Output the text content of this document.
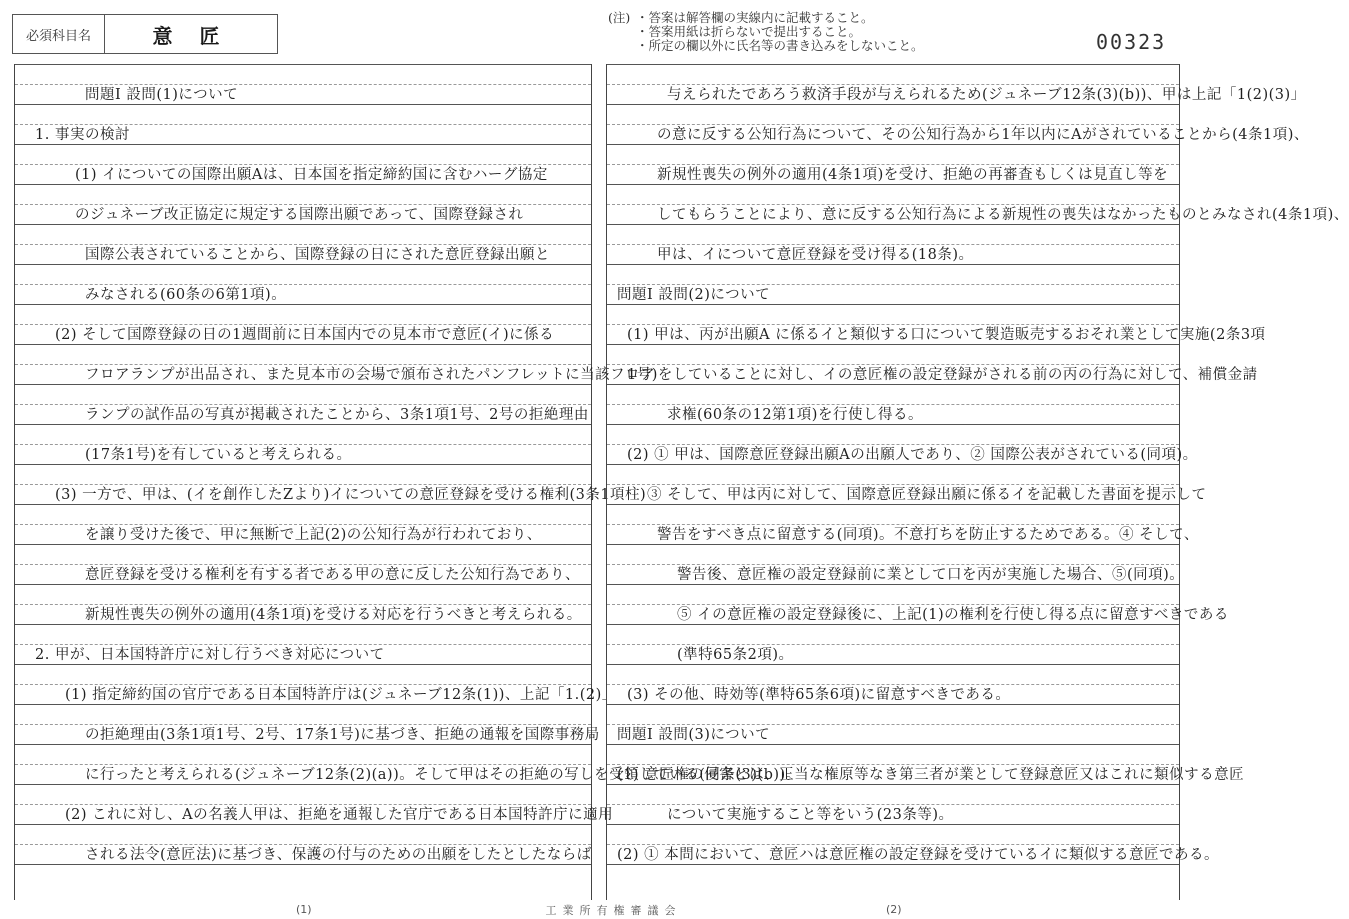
必須科目名	意 匠
(注) ・答案は解答欄の実線内に記載すること。
・答案用紙は折らないで提出すること。
・所定の欄以外に氏名等の書き込みをしないこと。	00323
問題Ⅰ 設問(1)について
1. 事実の検討
(1) イについての国際出願Aは、日本国を指定締約国に含むハーグ協定
のジュネーブ改正協定に規定する国際出願であって、国際登録され
国際公表されていることから、国際登録の日にされた意匠登録出願と
みなされる(60条の6第1項)。
(2) そして国際登録の日の1週間前に日本国内での見本市で意匠(イ)に係る
フロアランプが出品され、また見本市の会場で頒布されたパンフレットに当該フロア
ランプの試作品の写真が掲載されたことから、3条1項1号、2号の拒絶理由
(17条1号)を有していると考えられる。
(3) 一方で、甲は、(イを創作したZより)イについての意匠登録を受ける権利(3条1項柱)
を譲り受けた後で、甲に無断で上記(2)の公知行為が行われており、
意匠登録を受ける権利を有する者である甲の意に反した公知行為であり、
新規性喪失の例外の適用(4条1項)を受ける対応を行うべきと考えられる。
2. 甲が、日本国特許庁に対し行うべき対応について
(1) 指定締約国の官庁である日本国特許庁は(ジュネーブ12条(1))、上記「1.(2)」
の拒絶理由(3条1項1号、2号、17条1号)に基づき、拒絶の通報を国際事務局
に行ったと考えられる(ジュネーブ12条(2)(a))。そして甲はその拒絶の写しを受領している(同条(3)(b))。
(2) これに対し、Aの名義人甲は、拒絶を通報した官庁である日本国特許庁に適用
される法令(意匠法)に基づき、保護の付与のための出願をしたとしたならば
与えられたであろう救済手段が与えられるため(ジュネーブ12条(3)(b))、甲は上記「1(2)(3)」
の意に反する公知行為について、その公知行為から1年以内にAがされていることから(4条1項)、
新規性喪失の例外の適用(4条1項)を受け、拒絶の再審査もしくは見直し等を
してもらうことにより、意に反する公知行為による新規性の喪失はなかったものとみなされ(4条1項)、
甲は、イについて意匠登録を受け得る(18条)。
問題Ⅰ 設問(2)について
(1) 甲は、丙が出願A に係るイと類似する口について製造販売するおそれ業として実施(2条3項
1号)をしていることに対し、イの意匠権の設定登録がされる前の丙の行為に対して、補償金請
求権(60条の12第1項)を行使し得る。
(2) ① 甲は、国際意匠登録出願Aの出願人であり、② 国際公表がされている(同項)。
③ そして、甲は丙に対して、国際意匠登録出願に係るイを記載した書面を提示して
警告をすべき点に留意する(同項)。不意打ちを防止するためである。④ そして、
警告後、意匠権の設定登録前に業として口を丙が実施した場合、⑤(同項)。
⑤ イの意匠権の設定登録後に、上記(1)の権利を行使し得る点に留意すべきである
(準特65条2項)。
(3) その他、時効等(準特65条6項)に留意すべきである。
問題Ⅰ 設問(3)について
(1) 意匠権の侵害とは、正当な権原等なき第三者が業として登録意匠又はこれに類似する意匠
について実施すること等をいう(23条等)。
(2) ① 本問において、意匠ハは意匠権の設定登録を受けているイに類似する意匠である。
(1)	(2)
工業所有権審議会
